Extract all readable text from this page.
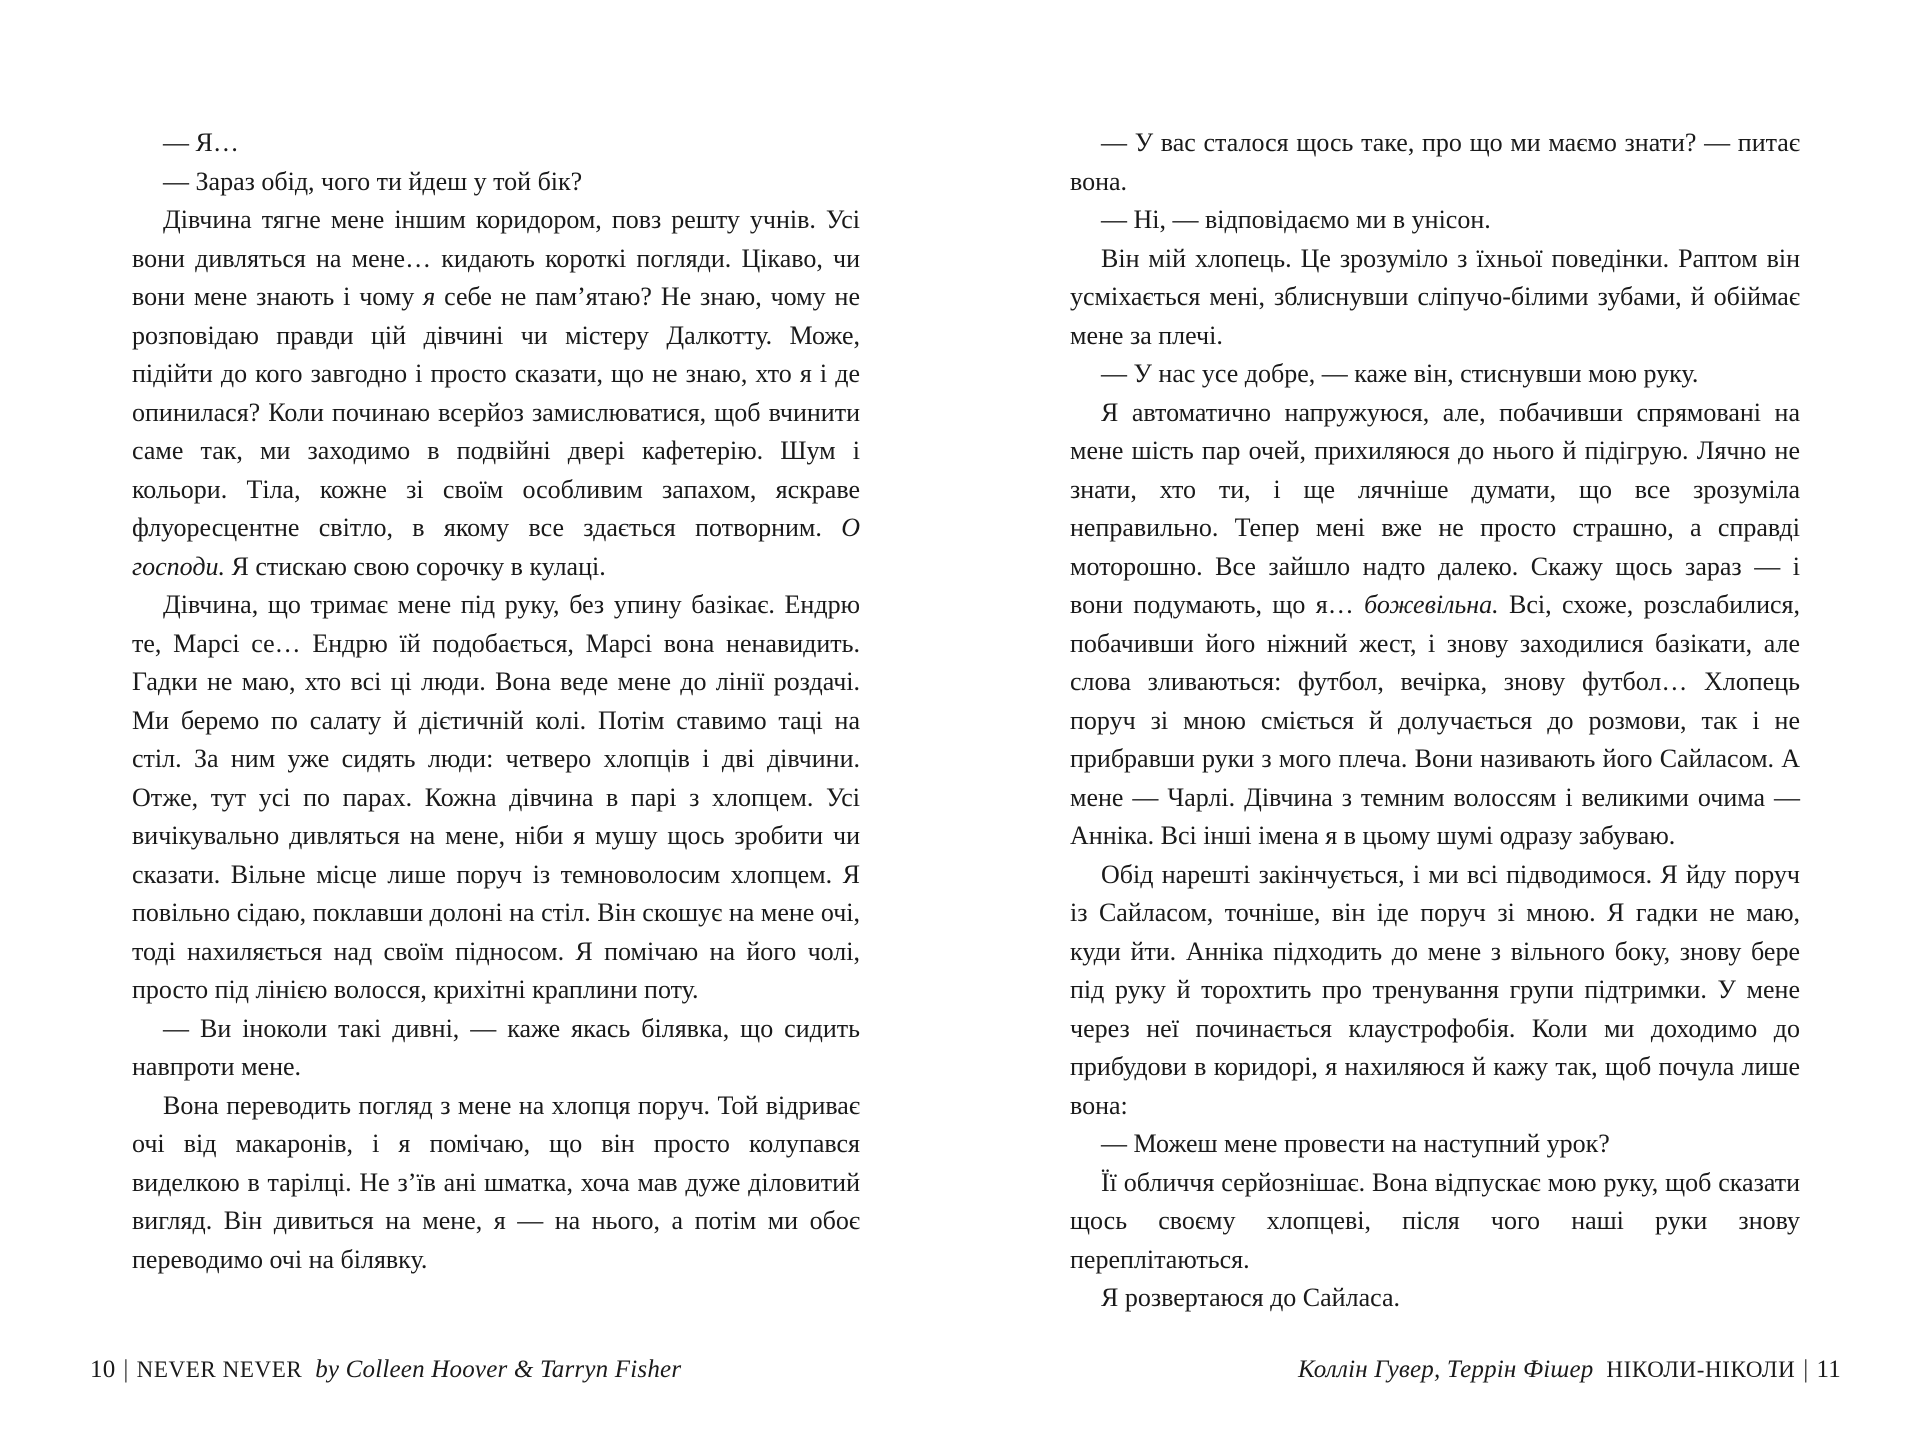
— Я…

— Зараз обід, чого ти йдеш у той бік?

Дівчина тягне мене іншим коридором, повз решту учнів. Усі вони дивляться на мене… кидають короткі погляди. Цікаво, чи вони мене знають і чому я себе не пам’ятаю? Не знаю, чому не розповідаю правди цій дівчині чи містеру Далкотту. Може, підійти до кого завгодно і просто сказати, що не знаю, хто я і де опинилася? Коли починаю всерйоз замислюватися, щоб вчинити саме так, ми заходимо в подвійні двері кафетерію. Шум і кольори. Тіла, кожне зі своїм особливим запахом, яскраве флуоресцентне світло, в якому все здається потворним. О господи. Я стискаю свою сорочку в кулаці.

Дівчина, що тримає мене під руку, без упину базікає. Ендрю те, Марсі се… Ендрю їй подобається, Марсі вона ненавидить. Гадки не маю, хто всі ці люди. Вона веде мене до лінії роздачі. Ми беремо по салату й дієтичній колі. Потім ставимо таці на стіл. За ним уже сидять люди: четверо хлопців і дві дівчини. Отже, тут усі по парах. Кожна дівчина в парі з хлопцем. Усі вичікувально дивляться на мене, ніби я мушу щось зробити чи сказати. Вільне місце лише поруч із темноволосим хлопцем. Я повільно сідаю, поклавши долоні на стіл. Він скошує на мене очі, тоді нахиляється над своїм підносом. Я помічаю на його чолі, просто під лінією волосся, крихітні краплини поту.

— Ви іноколи такі дивні, — каже якась білявка, що сидить навпроти мене.

Вона переводить погляд з мене на хлопця поруч. Той відриває очі від макаронів, і я помічаю, що він просто колупався виделкою в тарілці. Не з’їв ані шматка, хоча мав дуже діловитий вигляд. Він дивиться на мене, я — на нього, а потім ми обоє переводимо очі на білявку.

10 | NEVER NEVER by Colleen Hoover & Tarryn Fisher

— У вас сталося щось таке, про що ми маємо знати? — питає вона.

— Ні, — відповідаємо ми в унісон.

Він мій хлопець. Це зрозуміло з їхньої поведінки. Раптом він усміхається мені, зблиснувши сліпучо-білими зубами, й обіймає мене за плечі.

— У нас усе добре, — каже він, стиснувши мою руку.

Я автоматично напружуюся, але, побачивши спрямовані на мене шість пар очей, прихиляюся до нього й підігрую. Лячно не знати, хто ти, і ще лячніше думати, що все зрозуміла неправильно. Тепер мені вже не просто страшно, а справді моторошно. Все зайшло надто далеко. Скажу щось зараз — і вони подумають, що я… божевільна. Всі, схоже, розслабилися, побачивши його ніжний жест, і знову заходилися базікати, але слова зливаються: футбол, вечірка, знову футбол… Хлопець поруч зі мною сміється й долучається до розмови, так і не прибравши руки з мого плеча. Вони називають його Сайласом. А мене — Чарлі. Дівчина з темним волоссям і великими очима — Анніка. Всі інші імена я в цьому шумі одразу забуваю.

Обід нарешті закінчується, і ми всі підводимося. Я йду поруч із Сайласом, точніше, він іде поруч зі мною. Я гадки не маю, куди йти. Анніка підходить до мене з вільного боку, знову бере під руку й торохтить про тренування групи підтримки. У мене через неї починається клаустрофобія. Коли ми доходимо до прибудови в коридорі, я нахиляюся й кажу так, щоб почула лише вона:

— Можеш мене провести на наступний урок?

Її обличчя серйознішає. Вона відпускає мою руку, щоб сказати щось своєму хлопцеві, після чого наші руки знову переплітаються.

Я розвертаюся до Сайласа.

Коллін Гувер, Террін Фішер НІКОЛИ-НІКОЛИ | 11
